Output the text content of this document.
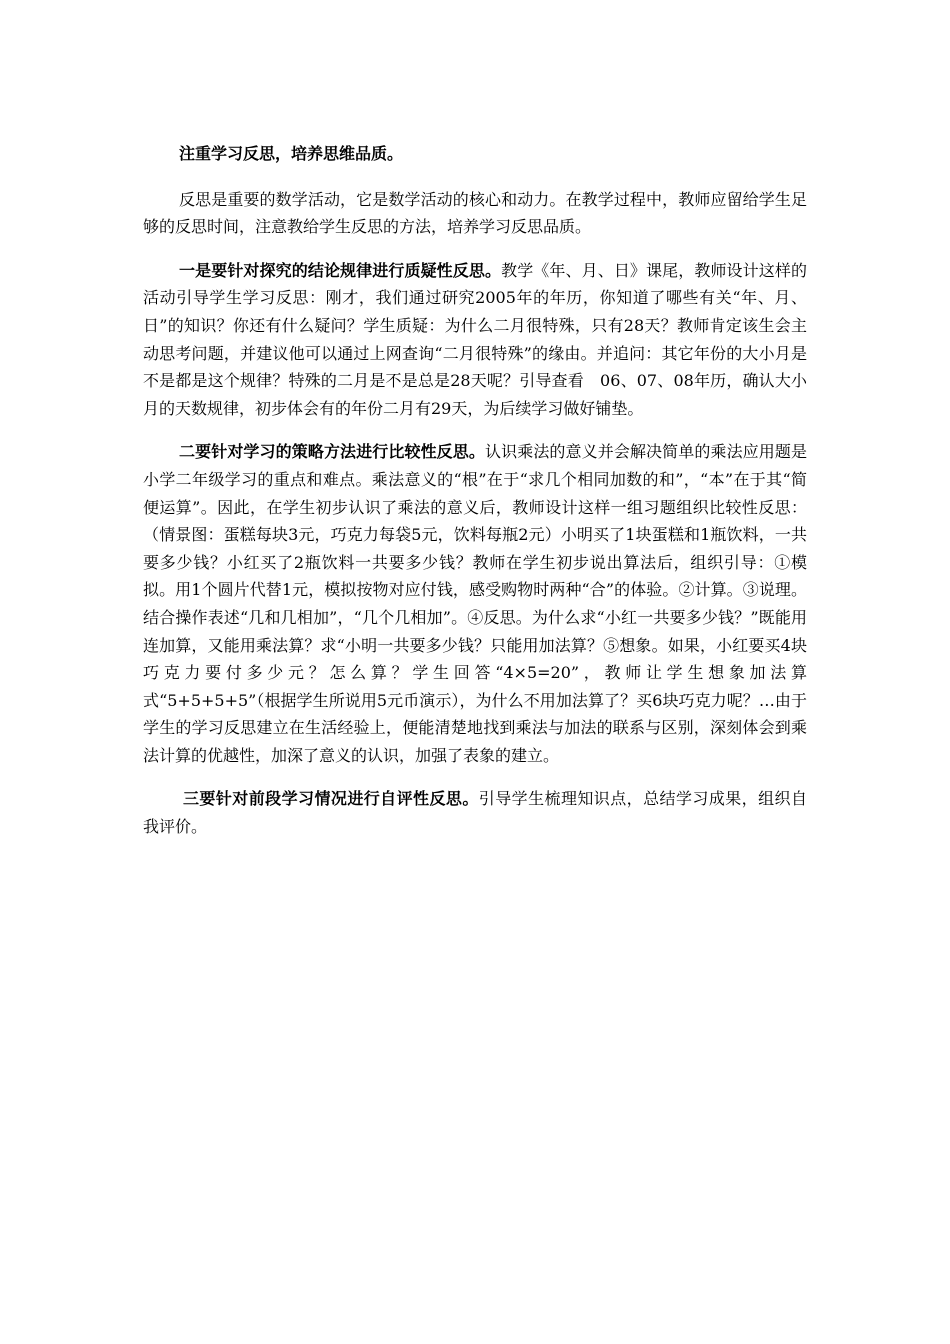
注重学习反思，培养思维品质。

反思是重要的数学活动，它是数学活动的核心和动力。在教学过程中，教师应留给学生足够的反思时间，注意教给学生反思的方法，培养学习反思品质。

一是要针对探究的结论规律进行质疑性反思。教学《年、月、日》课尾，教师设计这样的活动引导学生学习反思：刚才，我们通过研究2005年的年历，你知道了哪些有关“年、月、日”的知识？你还有什么疑问？学生质疑：为什么二月很特殊，只有28天？教师肯定该生会主动思考问题，并建议他可以通过上网查询“二月很特殊”的缘由。并追问：其它年份的大小月是不是都是这个规律？特殊的二月是不是总是28天呢？引导查看　06、07、08年历，确认大小月的天数规律，初步体会有的年份二月有29天，为后续学习做好铺垫。

二要针对学习的策略方法进行比较性反思。认识乘法的意义并会解决简单的乘法应用题是小学二年级学习的重点和难点。乘法意义的“根”在于“求几个相同加数的和”，“本”在于其“简便运算”。因此，在学生初步认识了乘法的意义后，教师设计这样一组习题组织比较性反思：（情景图：蛋糕每块3元，巧克力每袋5元，饮料每瓶2元）小明买了1块蛋糕和1瓶饮料，一共要多少钱？小红买了2瓶饮料一共要多少钱？教师在学生初步说出算法后，组织引导：①模拟。用1个圆片代替1元，模拟按物对应付钱，感受购物时两种“合”的体验。②计算。③说理。结合操作表述“几和几相加”，“几个几相加”。④反思。为什么求“小红一共要多少钱？”既能用连加算，又能用乘法算？求“小明一共要多少钱？只能用加法算？⑤想象。如果，小红要买4块巧克力要付多少元？怎么算？学生回答“4×5=20”，教师让学生想象加法算式“5+5+5+5”（根据学生所说用5元币演示），为什么不用加法算了？买6块巧克力呢？…由于学生的学习反思建立在生活经验上，便能清楚地找到乘法与加法的联系与区别，深刻体会到乘法计算的优越性，加深了意义的认识，加强了表象的建立。

三要针对前段学习情况进行自评性反思。引导学生梳理知识点，总结学习成果，组织自我评价。
